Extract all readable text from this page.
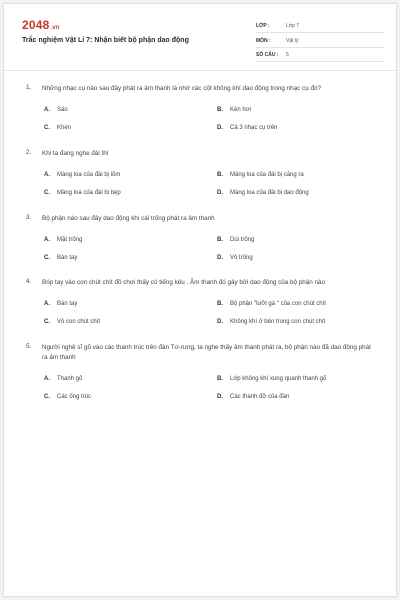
2048.vn
Trắc nghiệm Vật Lí 7: Nhận biết bộ phận dao động
LỚP :	Lớp 7
MÔN :	Vật lý
SỐ CÂU :	5
1. Những nhạc cụ nào sau đây phát ra âm thanh là nhờ các cột không khí dao động trong nhạc cụ đó?
A.	Sáo	B.	Kèn hơi
C.	Khèn	D.	Cả 3 nhạc cụ trên
2. Khi ta đang nghe đài thì
A.	Màng loa của đài bị lõm	B.	Màng loa của đài bị căng ra
C.	Màng loa của đài bị bẹp	D.	Màng loa của đài bị dao động
3. Bộ phận nào sau đây dao động khi cái trống phát ra âm thanh
A.	Mặt trống	B.	Dùi trống
C.	Bàn tay	D.	Vỏ trống
4. Bóp tay vào con chút chít đồ chơi thấy có tiếng kêu . Âm thanh đó gây bởi dao động của bộ phận nào
A.	Bàn tay	B.	Bộ phận "lưỡi gà " của con chút chít
C.	Vỏ con chút chít	D.	Không khí ở bên trong con chút chít
5. Người nghệ sĩ gõ vào các thanh trúc trên đàn Tơ-rưng, ta nghe thấy âm thanh phát ra, bộ phận nào đã dao động phát ra âm thanh
A.	Thanh gõ	B.	Lớp không khí xung quanh thanh gõ
C.	Các ống trúc	D.	Các thanh đỡ của đàn
